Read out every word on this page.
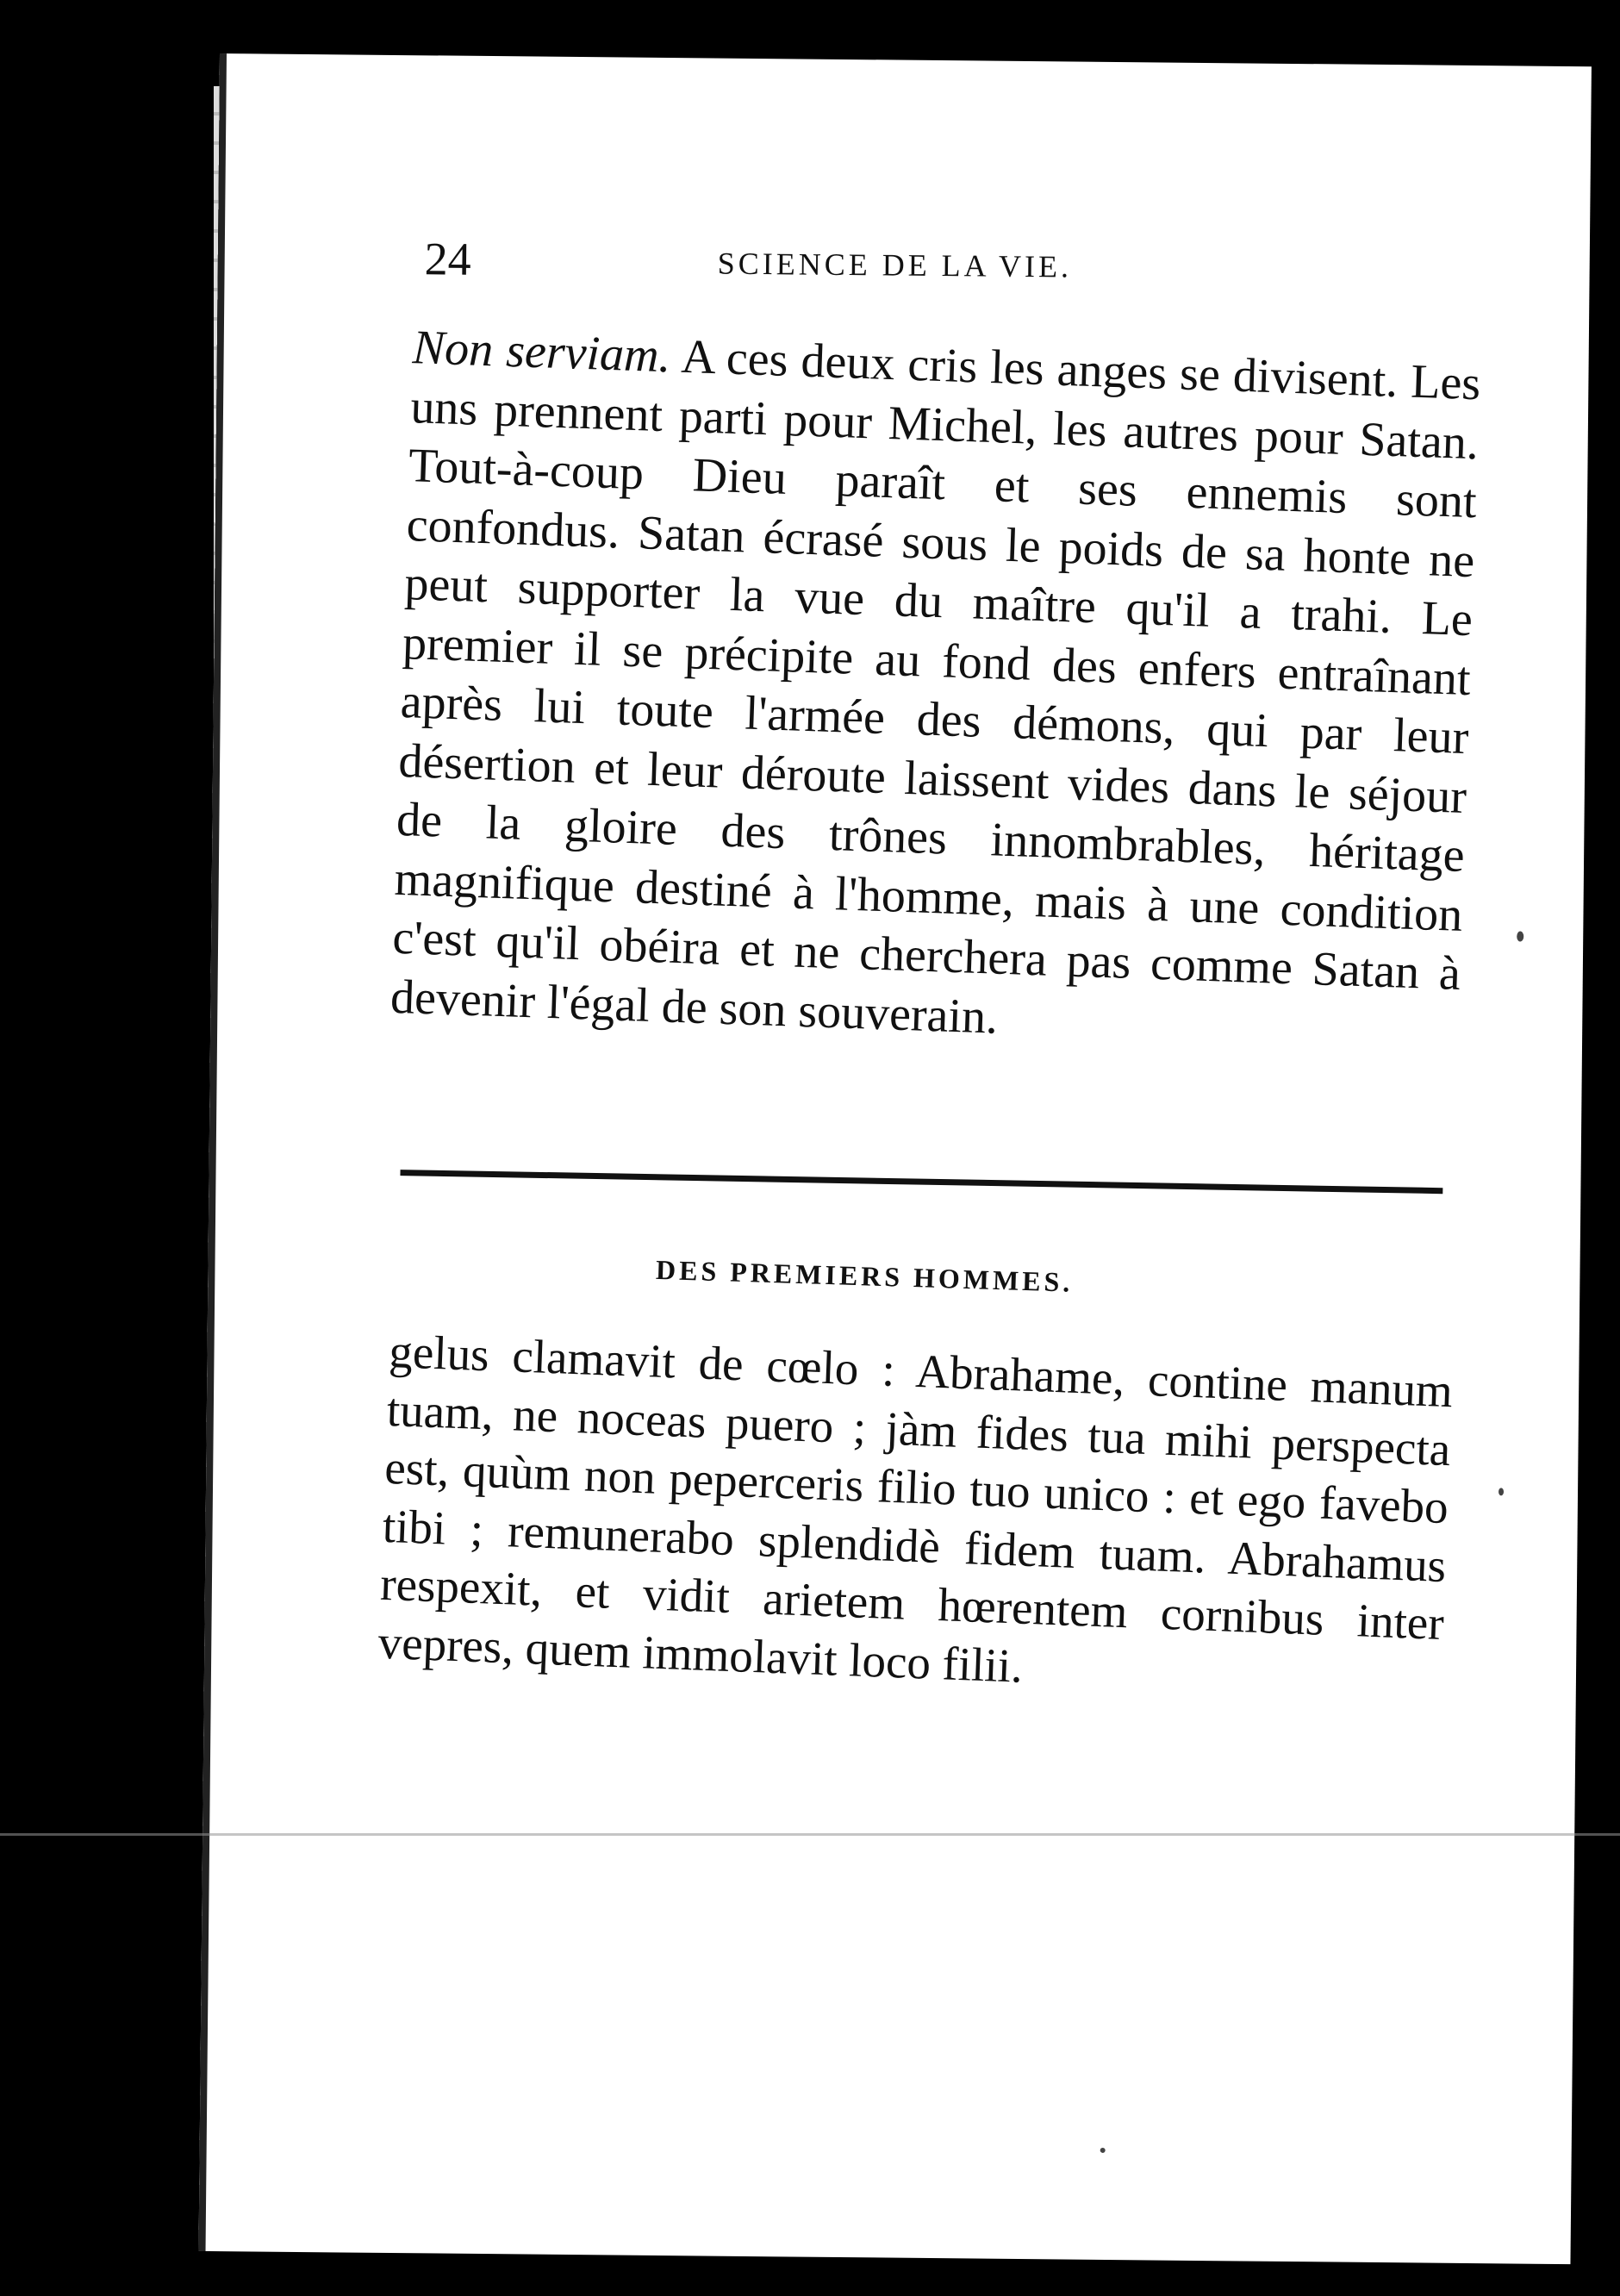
24	SCIENCE DE LA VIE.

Non serviam. A ces deux cris les anges se divisent. Les uns prennent parti pour Michel, les autres pour Satan. Tout-à-coup Dieu paraît et ses ennemis sont confondus. Satan écrasé sous le poids de sa honte ne peut supporter la vue du maître qu'il a trahi. Le premier il se précipite au fond des enfers entraînant après lui toute l'armée des démons, qui par leur désertion et leur déroute laissent vides dans le séjour de la gloire des trônes innombrables, héritage magnifique destiné à l'homme, mais à une condition c'est qu'il obéira et ne cherchera pas comme Satan à devenir l'égal de son souverain.

DES PREMIERS HOMMES.

gelus clamavit de cœlo : Abrahame, contine manum tuam, ne noceas puero ; jàm fides tua mihi perspecta est, quùm non peperceris filio tuo unico : et ego favebo tibi ; remunerabo splendidè fidem tuam. Abrahamus respexit, et vidit arietem hœrentem cornibus inter vepres, quem immolavit loco filii.
